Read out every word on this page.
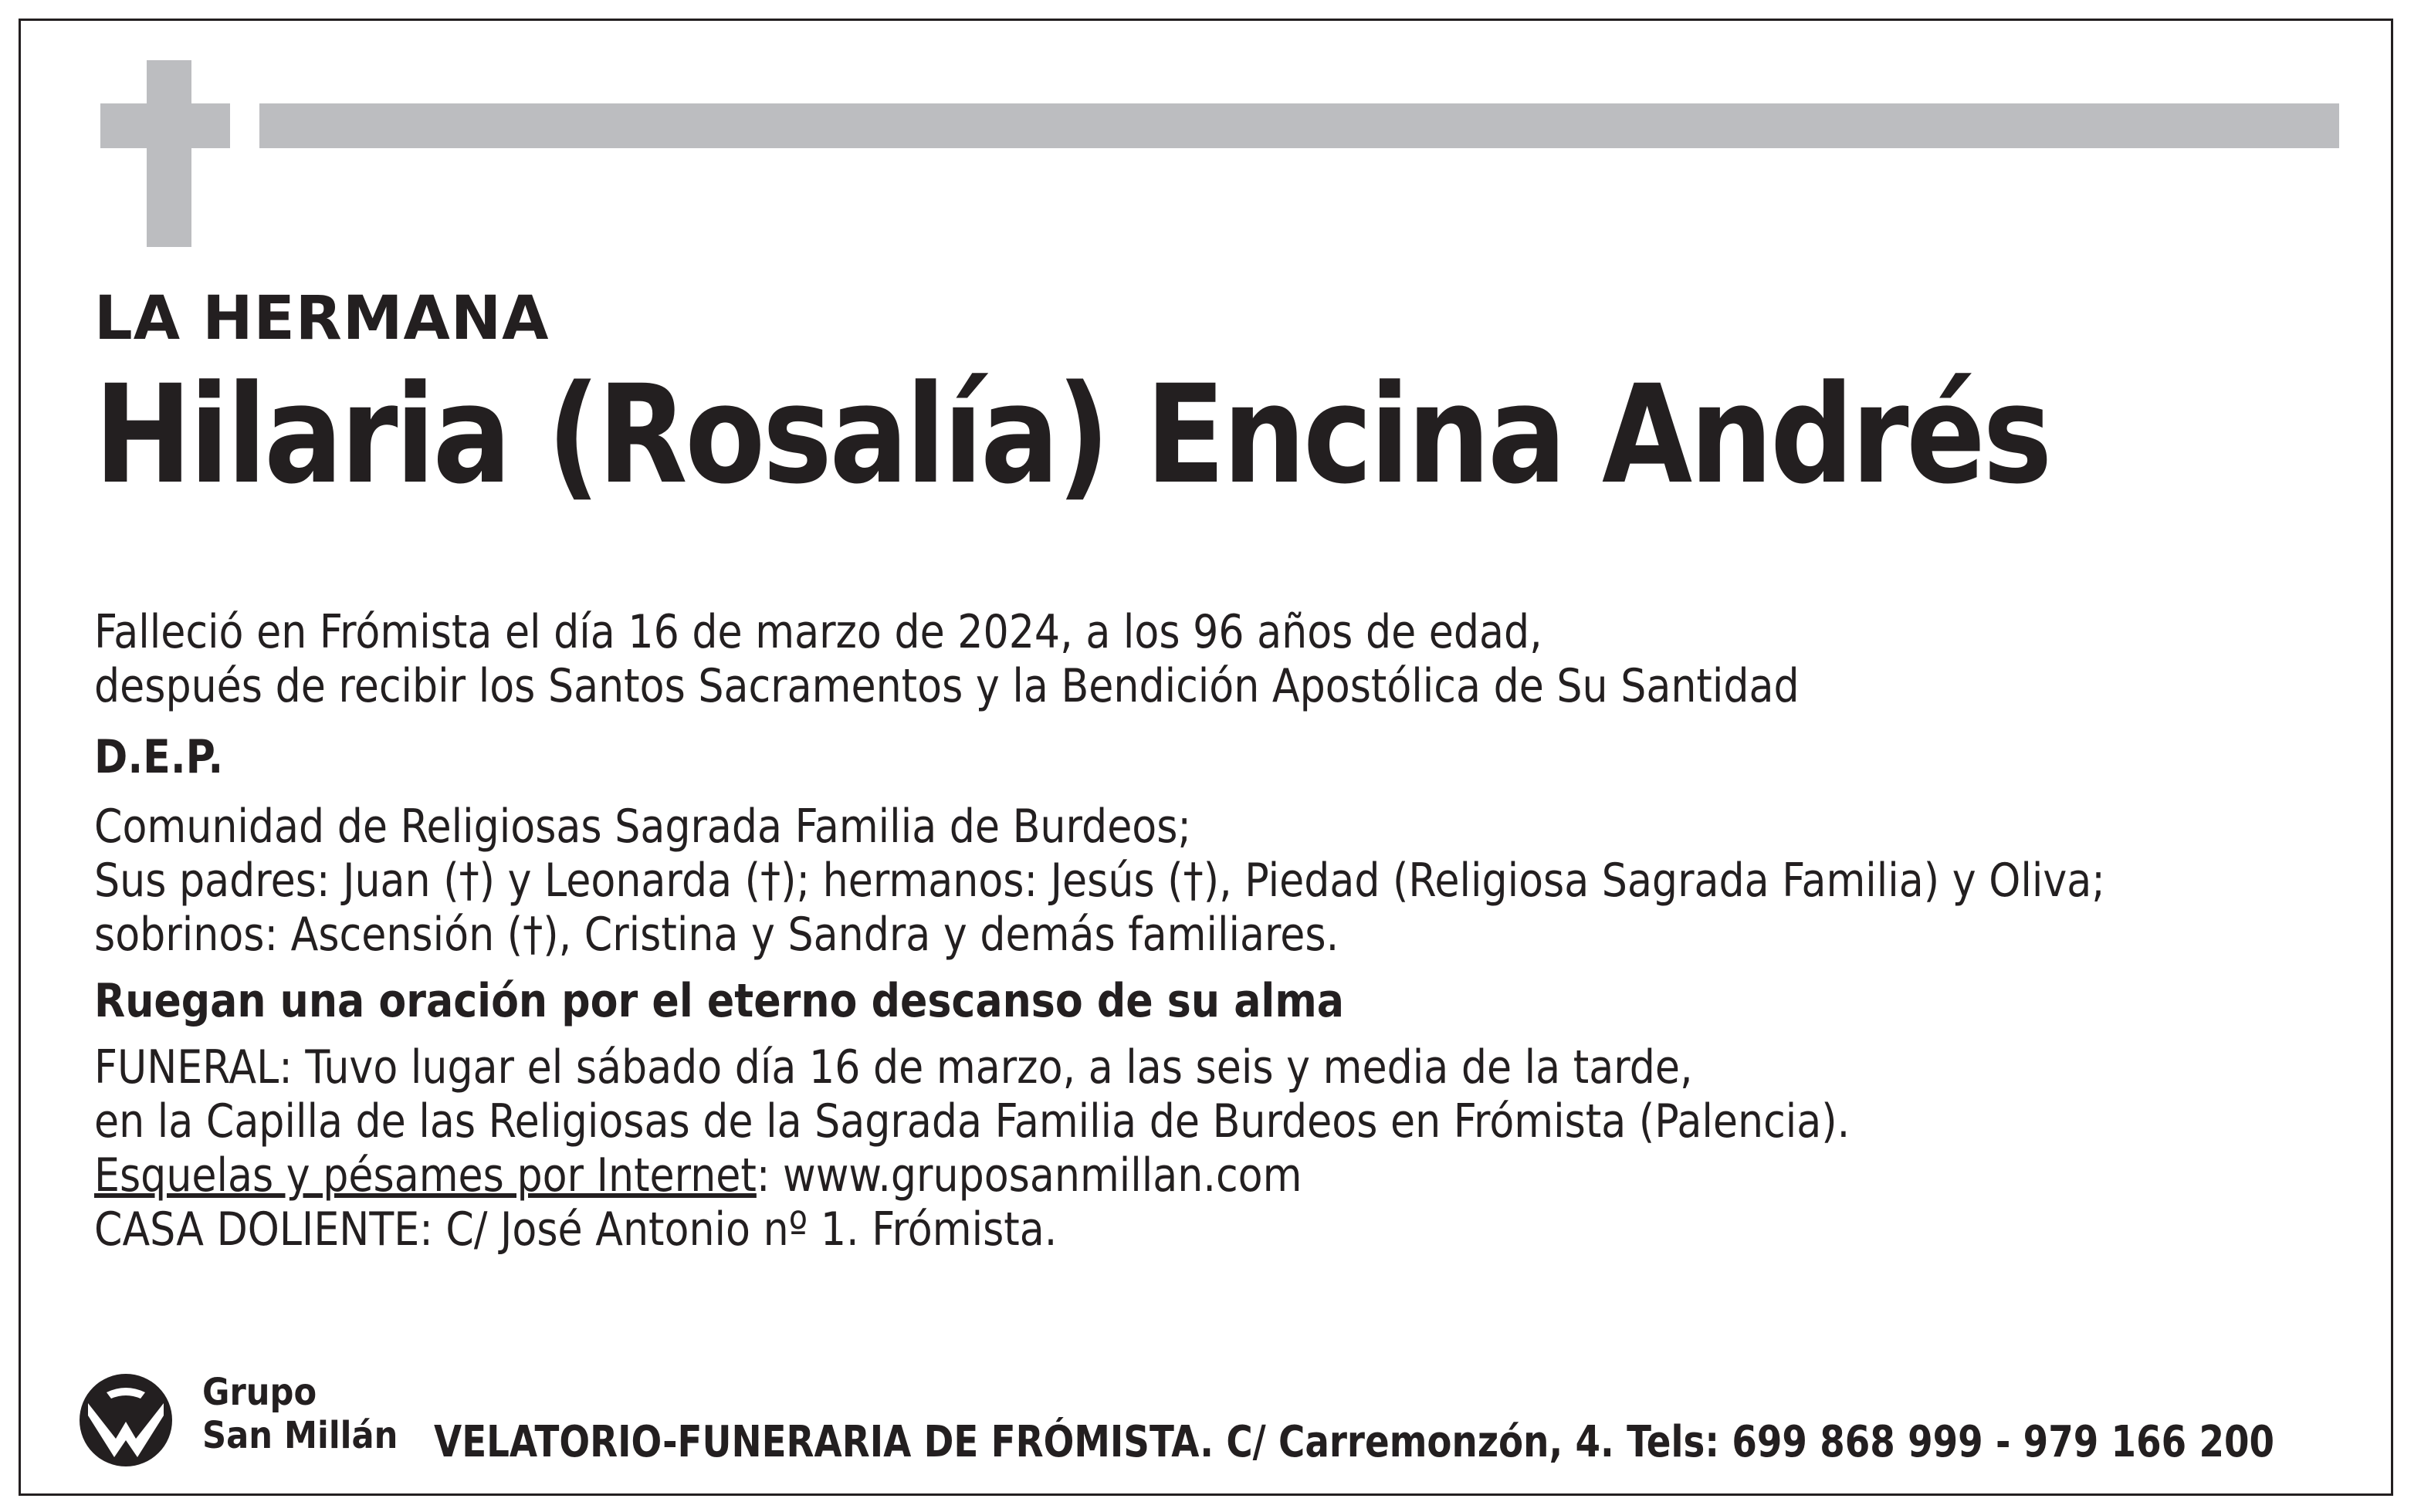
LA HERMANA
Hilaria (Rosalía) Encina Andrés
Falleció en Frómista el día 16 de marzo de 2024, a los 96 años de edad,
después de recibir los Santos Sacramentos y la Bendición Apostólica de Su Santidad
D.E.P.
Comunidad de Religiosas Sagrada Familia de Burdeos;
Sus padres: Juan (†) y Leonarda (†); hermanos: Jesús (†), Piedad (Religiosa Sagrada Familia) y Oliva;
sobrinos: Ascensión (†), Cristina y Sandra y demás familiares.
Ruegan una oración por el eterno descanso de su alma
FUNERAL: Tuvo lugar el sábado día 16 de marzo, a las seis y media de la tarde,
en la Capilla de las Religiosas de la Sagrada Familia de Burdeos en Frómista (Palencia).
Esquelas y pésames por Internet: www.gruposanmillan.com
CASA DOLIENTE: C/ José Antonio nº 1. Frómista.
Grupo
San Millán VELATORIO-FUNERARIA DE FRÓMISTA. C/ Carremonzón, 4. Tels: 699 868 999 - 979 166 200
